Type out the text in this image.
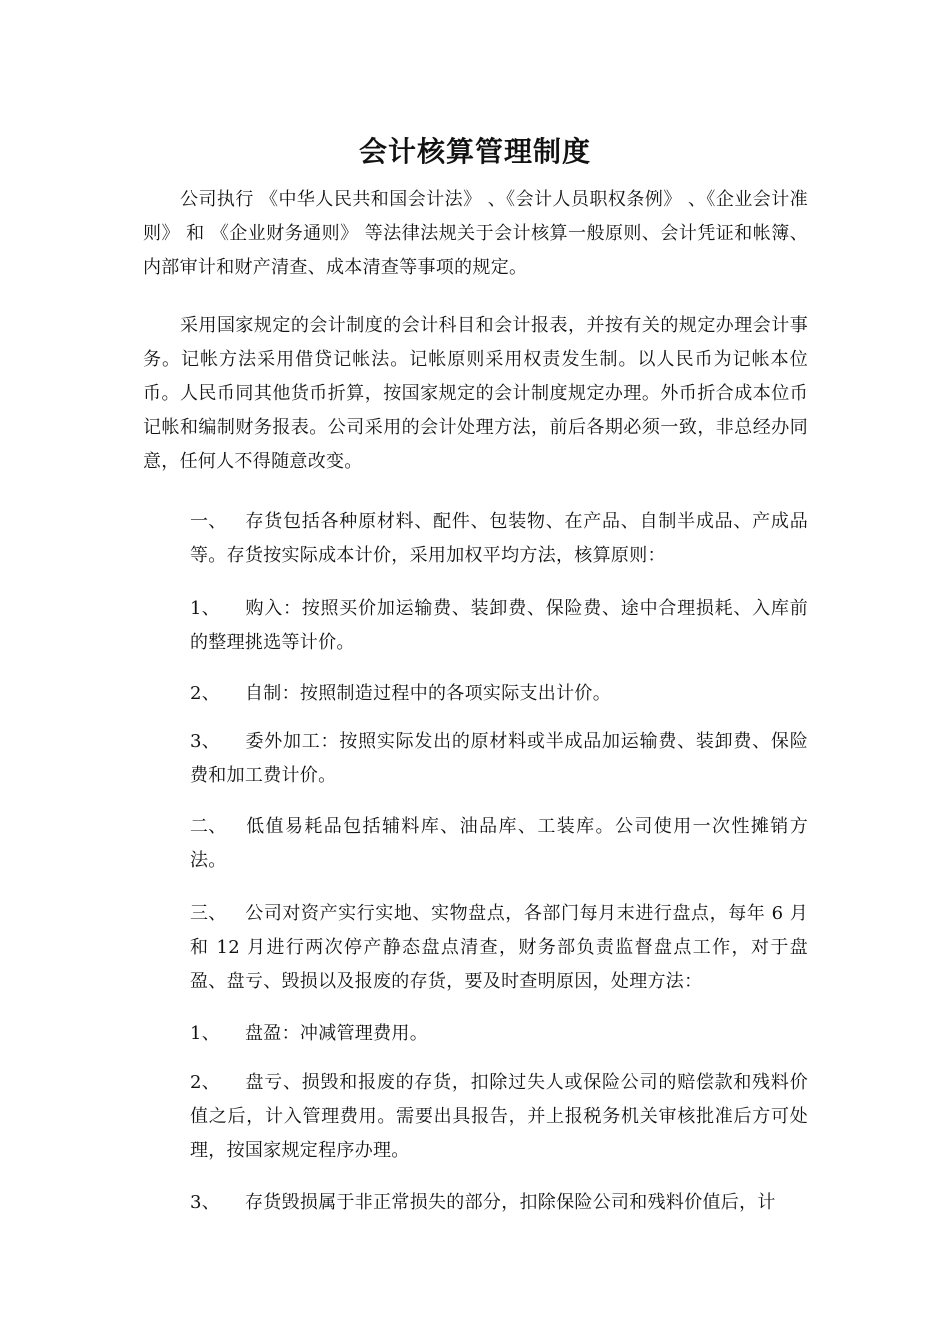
会计核算管理制度

公司执行 《中华人民共和国会计法》 、《会计人员职权条例》 、《企业会计准则》 和 《企业财务通则》 等法律法规关于会计核算一般原则、会计凭证和帐簿、内部审计和财产清查、成本清查等事项的规定。

采用国家规定的会计制度的会计科目和会计报表，并按有关的规定办理会计事务。记帐方法采用借贷记帐法。记帐原则采用权责发生制。以人民币为记帐本位币。人民币同其他货币折算，按国家规定的会计制度规定办理。外币折合成本位币记帐和编制财务报表。公司采用的会计处理方法，前后各期必须一致，非总经办同意，任何人不得随意改变。

一、 存货包括各种原材料、配件、包装物、在产品、自制半成品、产成品等。存货按实际成本计价，采用加权平均方法，核算原则：

1、 购入：按照买价加运输费、装卸费、保险费、途中合理损耗、入库前的整理挑选等计价。

2、 自制：按照制造过程中的各项实际支出计价。

3、 委外加工：按照实际发出的原材料或半成品加运输费、装卸费、保险费和加工费计价。

二、 低值易耗品包括辅料库、油品库、工装库。公司使用一次性摊销方法。

三、 公司对资产实行实地、实物盘点，各部门每月末进行盘点，每年 6 月和 12 月进行两次停产静态盘点清查，财务部负责监督盘点工作，对于盘盈、盘亏、毁损以及报废的存货，要及时查明原因，处理方法：

1、 盘盈：冲减管理费用。

2、 盘亏、损毁和报废的存货，扣除过失人或保险公司的赔偿款和残料价值之后，计入管理费用。需要出具报告，并上报税务机关审核批准后方可处理，按国家规定程序办理。

3、 存货毁损属于非正常损失的部分，扣除保险公司和残料价值后，计
